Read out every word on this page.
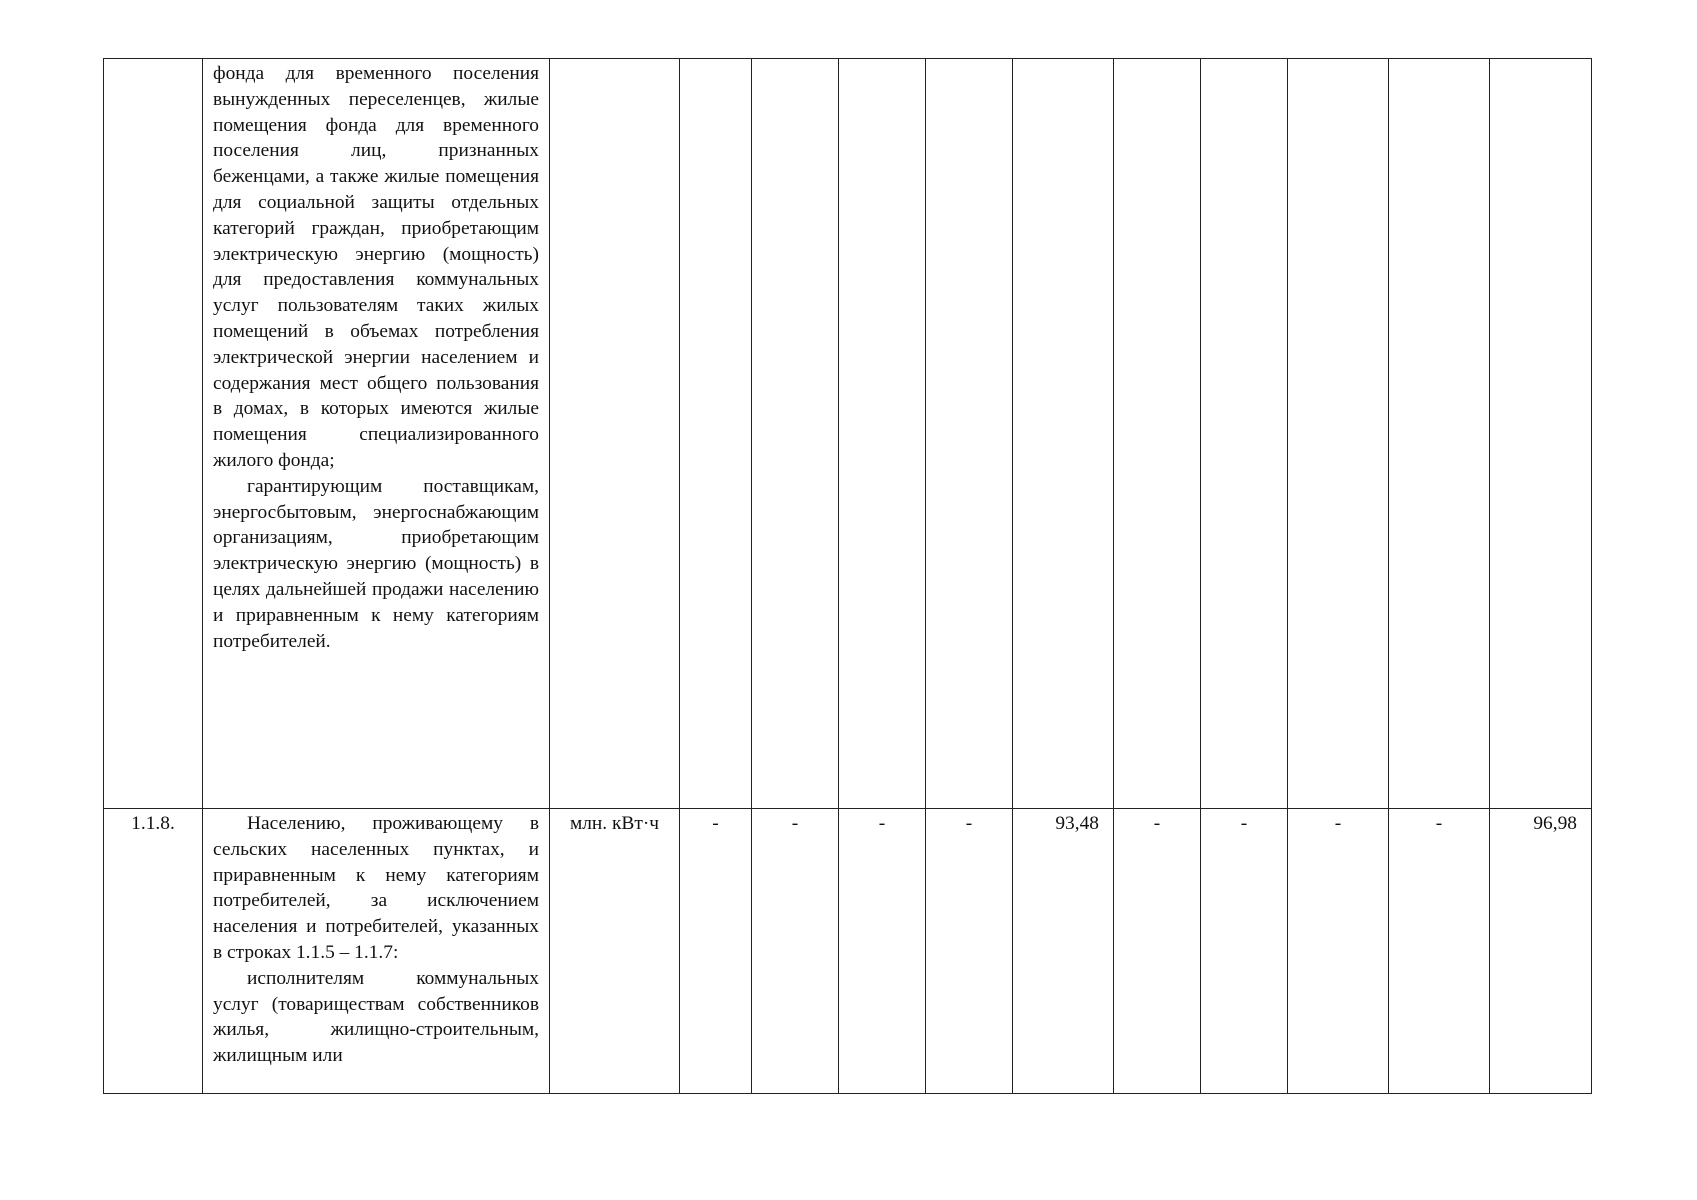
	фонда для временного поселения вынужденных переселенцев, жилые помещения фонда для временного поселения лиц, признанных беженцами, а также жилые помещения для социальной защиты отдельных категорий граждан, приобретающим электрическую энергию (мощность) для предоставления коммунальных услуг пользователям таких жилых помещений в объемах потребления электрической энергии населением и содержания мест общего пользования в домах, в которых имеются жилые помещения специализированного жилого фонда;

гарантирующим поставщикам, энергосбытовым, энергоснабжающим организациям, приобретающим электрическую энергию (мощность) в целях дальнейшей продажи населению и приравненным к нему категориям потребителей.											

1.1.8.	Населению, проживающему в сельских населенных пунктах, и приравненным к нему категориям потребителей, за исключением населения и потребителей, указанных в строках 1.1.5 – 1.1.7:

исполнителям коммунальных услуг (товариществам собственников жилья, жилищно-строительным, жилищным или	млн. кВт·ч	-	-	-	-	93,48	-	-	-	-	96,98
